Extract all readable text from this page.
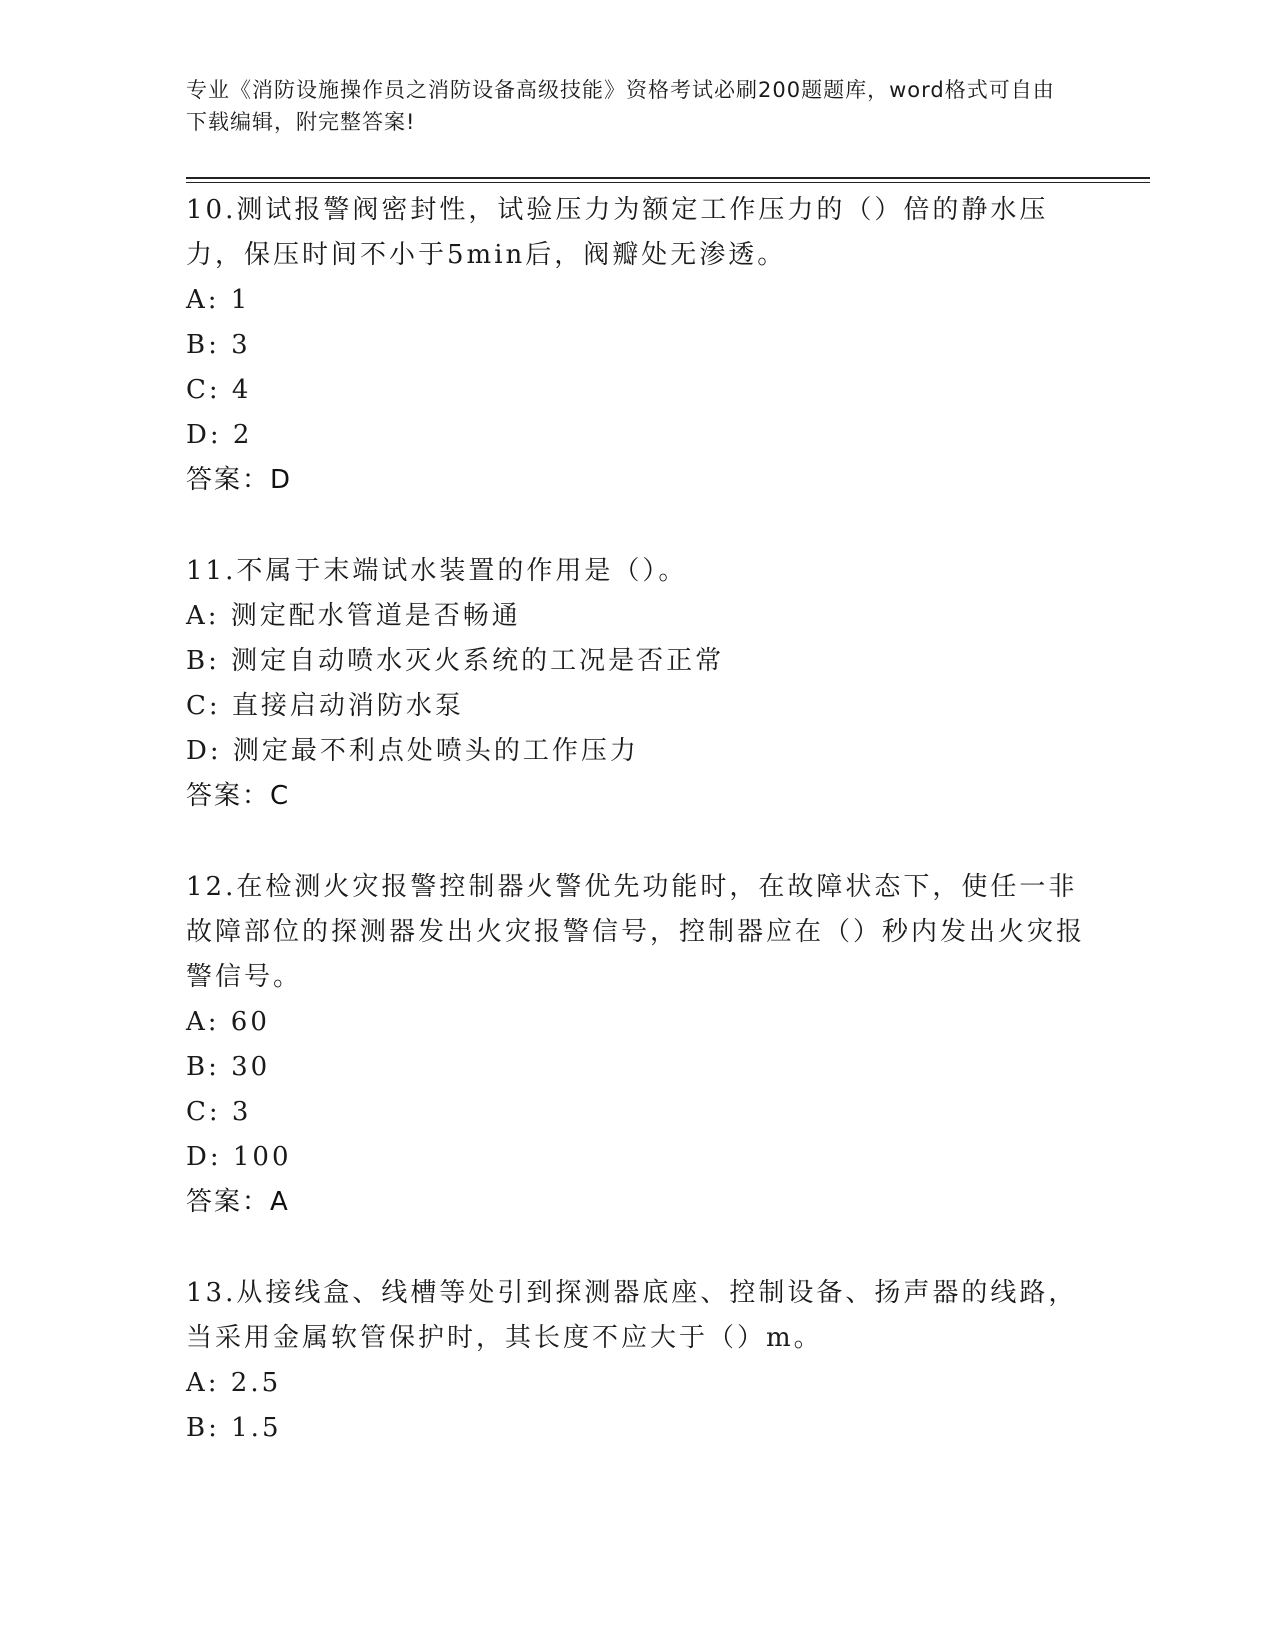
专业《消防设施操作员之消防设备高级技能》资格考试必刷200题题库，word格式可自由下载编辑，附完整答案!

10.测试报警阀密封性，试验压力为额定工作压力的（）倍的静水压力，保压时间不小于5min后，阀瓣处无渗透。

A: 1

B: 3

C: 4

D: 2

答案：D

11.不属于末端试水装置的作用是（）。

A: 测定配水管道是否畅通

B: 测定自动喷水灭火系统的工况是否正常

C: 直接启动消防水泵

D: 测定最不利点处喷头的工作压力

答案：C

12.在检测火灾报警控制器火警优先功能时，在故障状态下，使任一非故障部位的探测器发出火灾报警信号，控制器应在（）秒内发出火灾报警信号。

A: 60

B: 30

C: 3

D: 100

答案：A

13.从接线盒、线槽等处引到探测器底座、控制设备、扬声器的线路，当采用金属软管保护时，其长度不应大于（）m。

A: 2.5

B: 1.5
